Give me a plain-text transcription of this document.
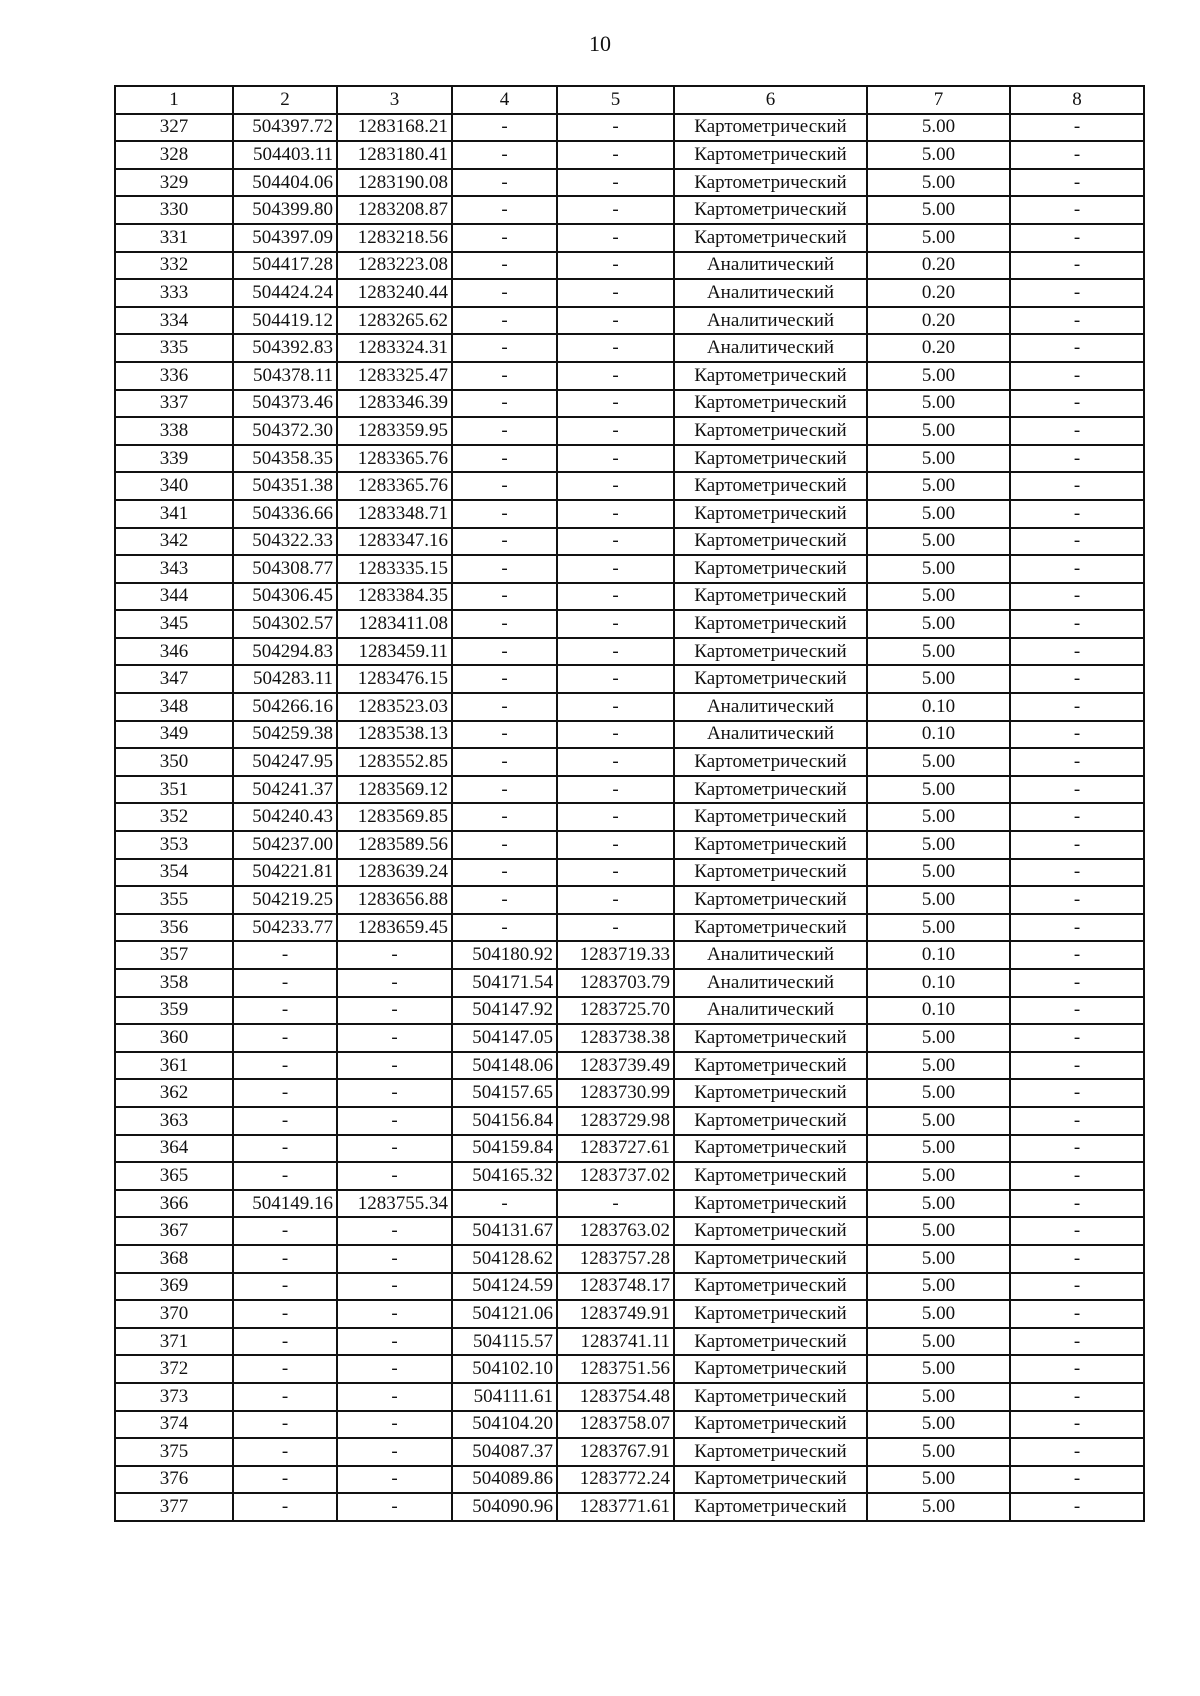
10
1	2	3	4	5	6	7	8
327	504397.72	1283168.21	-	-	Картометрический	5.00	-
328	504403.11	1283180.41	-	-	Картометрический	5.00	-
329	504404.06	1283190.08	-	-	Картометрический	5.00	-
330	504399.80	1283208.87	-	-	Картометрический	5.00	-
331	504397.09	1283218.56	-	-	Картометрический	5.00	-
332	504417.28	1283223.08	-	-	Аналитический	0.20	-
333	504424.24	1283240.44	-	-	Аналитический	0.20	-
334	504419.12	1283265.62	-	-	Аналитический	0.20	-
335	504392.83	1283324.31	-	-	Аналитический	0.20	-
336	504378.11	1283325.47	-	-	Картометрический	5.00	-
337	504373.46	1283346.39	-	-	Картометрический	5.00	-
338	504372.30	1283359.95	-	-	Картометрический	5.00	-
339	504358.35	1283365.76	-	-	Картометрический	5.00	-
340	504351.38	1283365.76	-	-	Картометрический	5.00	-
341	504336.66	1283348.71	-	-	Картометрический	5.00	-
342	504322.33	1283347.16	-	-	Картометрический	5.00	-
343	504308.77	1283335.15	-	-	Картометрический	5.00	-
344	504306.45	1283384.35	-	-	Картометрический	5.00	-
345	504302.57	1283411.08	-	-	Картометрический	5.00	-
346	504294.83	1283459.11	-	-	Картометрический	5.00	-
347	504283.11	1283476.15	-	-	Картометрический	5.00	-
348	504266.16	1283523.03	-	-	Аналитический	0.10	-
349	504259.38	1283538.13	-	-	Аналитический	0.10	-
350	504247.95	1283552.85	-	-	Картометрический	5.00	-
351	504241.37	1283569.12	-	-	Картометрический	5.00	-
352	504240.43	1283569.85	-	-	Картометрический	5.00	-
353	504237.00	1283589.56	-	-	Картометрический	5.00	-
354	504221.81	1283639.24	-	-	Картометрический	5.00	-
355	504219.25	1283656.88	-	-	Картометрический	5.00	-
356	504233.77	1283659.45	-	-	Картометрический	5.00	-
357	-	-	504180.92	1283719.33	Аналитический	0.10	-
358	-	-	504171.54	1283703.79	Аналитический	0.10	-
359	-	-	504147.92	1283725.70	Аналитический	0.10	-
360	-	-	504147.05	1283738.38	Картометрический	5.00	-
361	-	-	504148.06	1283739.49	Картометрический	5.00	-
362	-	-	504157.65	1283730.99	Картометрический	5.00	-
363	-	-	504156.84	1283729.98	Картометрический	5.00	-
364	-	-	504159.84	1283727.61	Картометрический	5.00	-
365	-	-	504165.32	1283737.02	Картометрический	5.00	-
366	504149.16	1283755.34	-	-	Картометрический	5.00	-
367	-	-	504131.67	1283763.02	Картометрический	5.00	-
368	-	-	504128.62	1283757.28	Картометрический	5.00	-
369	-	-	504124.59	1283748.17	Картометрический	5.00	-
370	-	-	504121.06	1283749.91	Картометрический	5.00	-
371	-	-	504115.57	1283741.11	Картометрический	5.00	-
372	-	-	504102.10	1283751.56	Картометрический	5.00	-
373	-	-	504111.61	1283754.48	Картометрический	5.00	-
374	-	-	504104.20	1283758.07	Картометрический	5.00	-
375	-	-	504087.37	1283767.91	Картометрический	5.00	-
376	-	-	504089.86	1283772.24	Картометрический	5.00	-
377	-	-	504090.96	1283771.61	Картометрический	5.00	-
